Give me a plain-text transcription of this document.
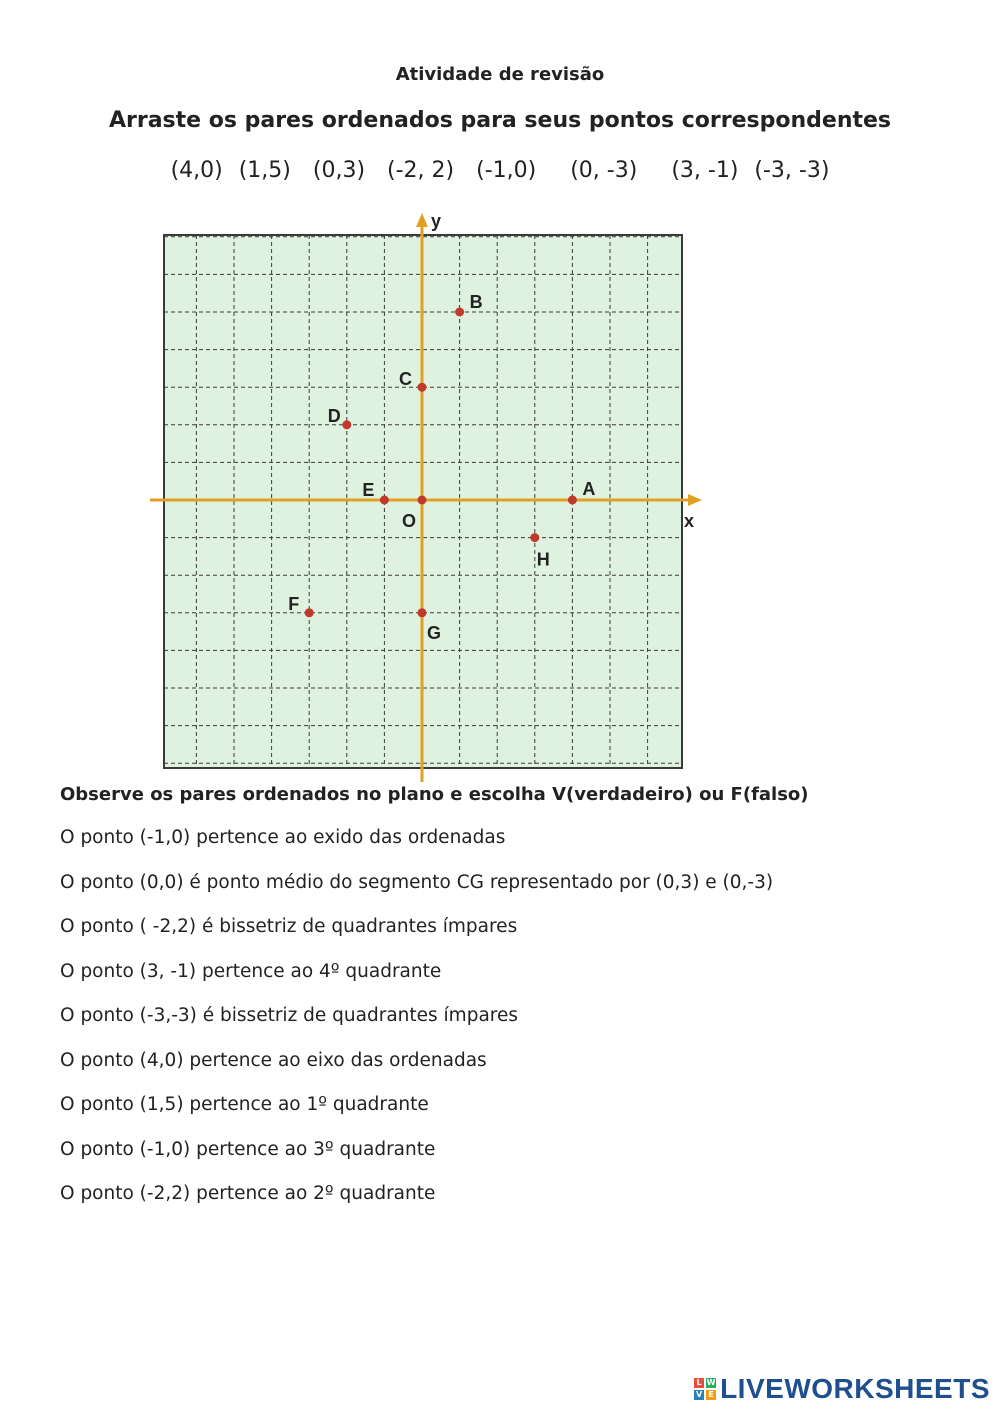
Atividade de revisão
Arraste os pares ordenados para seus pontos correspondentes
(4,0) (1,5) (0,3) (-2, 2) (-1,0) (0, -3) (3, -1) (-3, -3)
x
y
A
B
C
D
E
F
G
H
O
Observe os pares ordenados no plano e escolha V(verdadeiro) ou F(falso)
O ponto (-1,0) pertence ao exido das ordenadas
O ponto (0,0) é ponto médio do segmento CG representado por (0,3) e (0,-3)
O ponto ( -2,2) é bissetriz de quadrantes ímpares
O ponto (3, -1) pertence ao 4º quadrante
O ponto (-3,-3) é bissetriz de quadrantes ímpares
O ponto (4,0) pertence ao eixo das ordenadas
O ponto (1,5) pertence ao 1º quadrante
O ponto (-1,0) pertence ao 3º quadrante
O ponto (-2,2) pertence ao 2º quadrante
L W
V E LIVEWORKSHEETS
